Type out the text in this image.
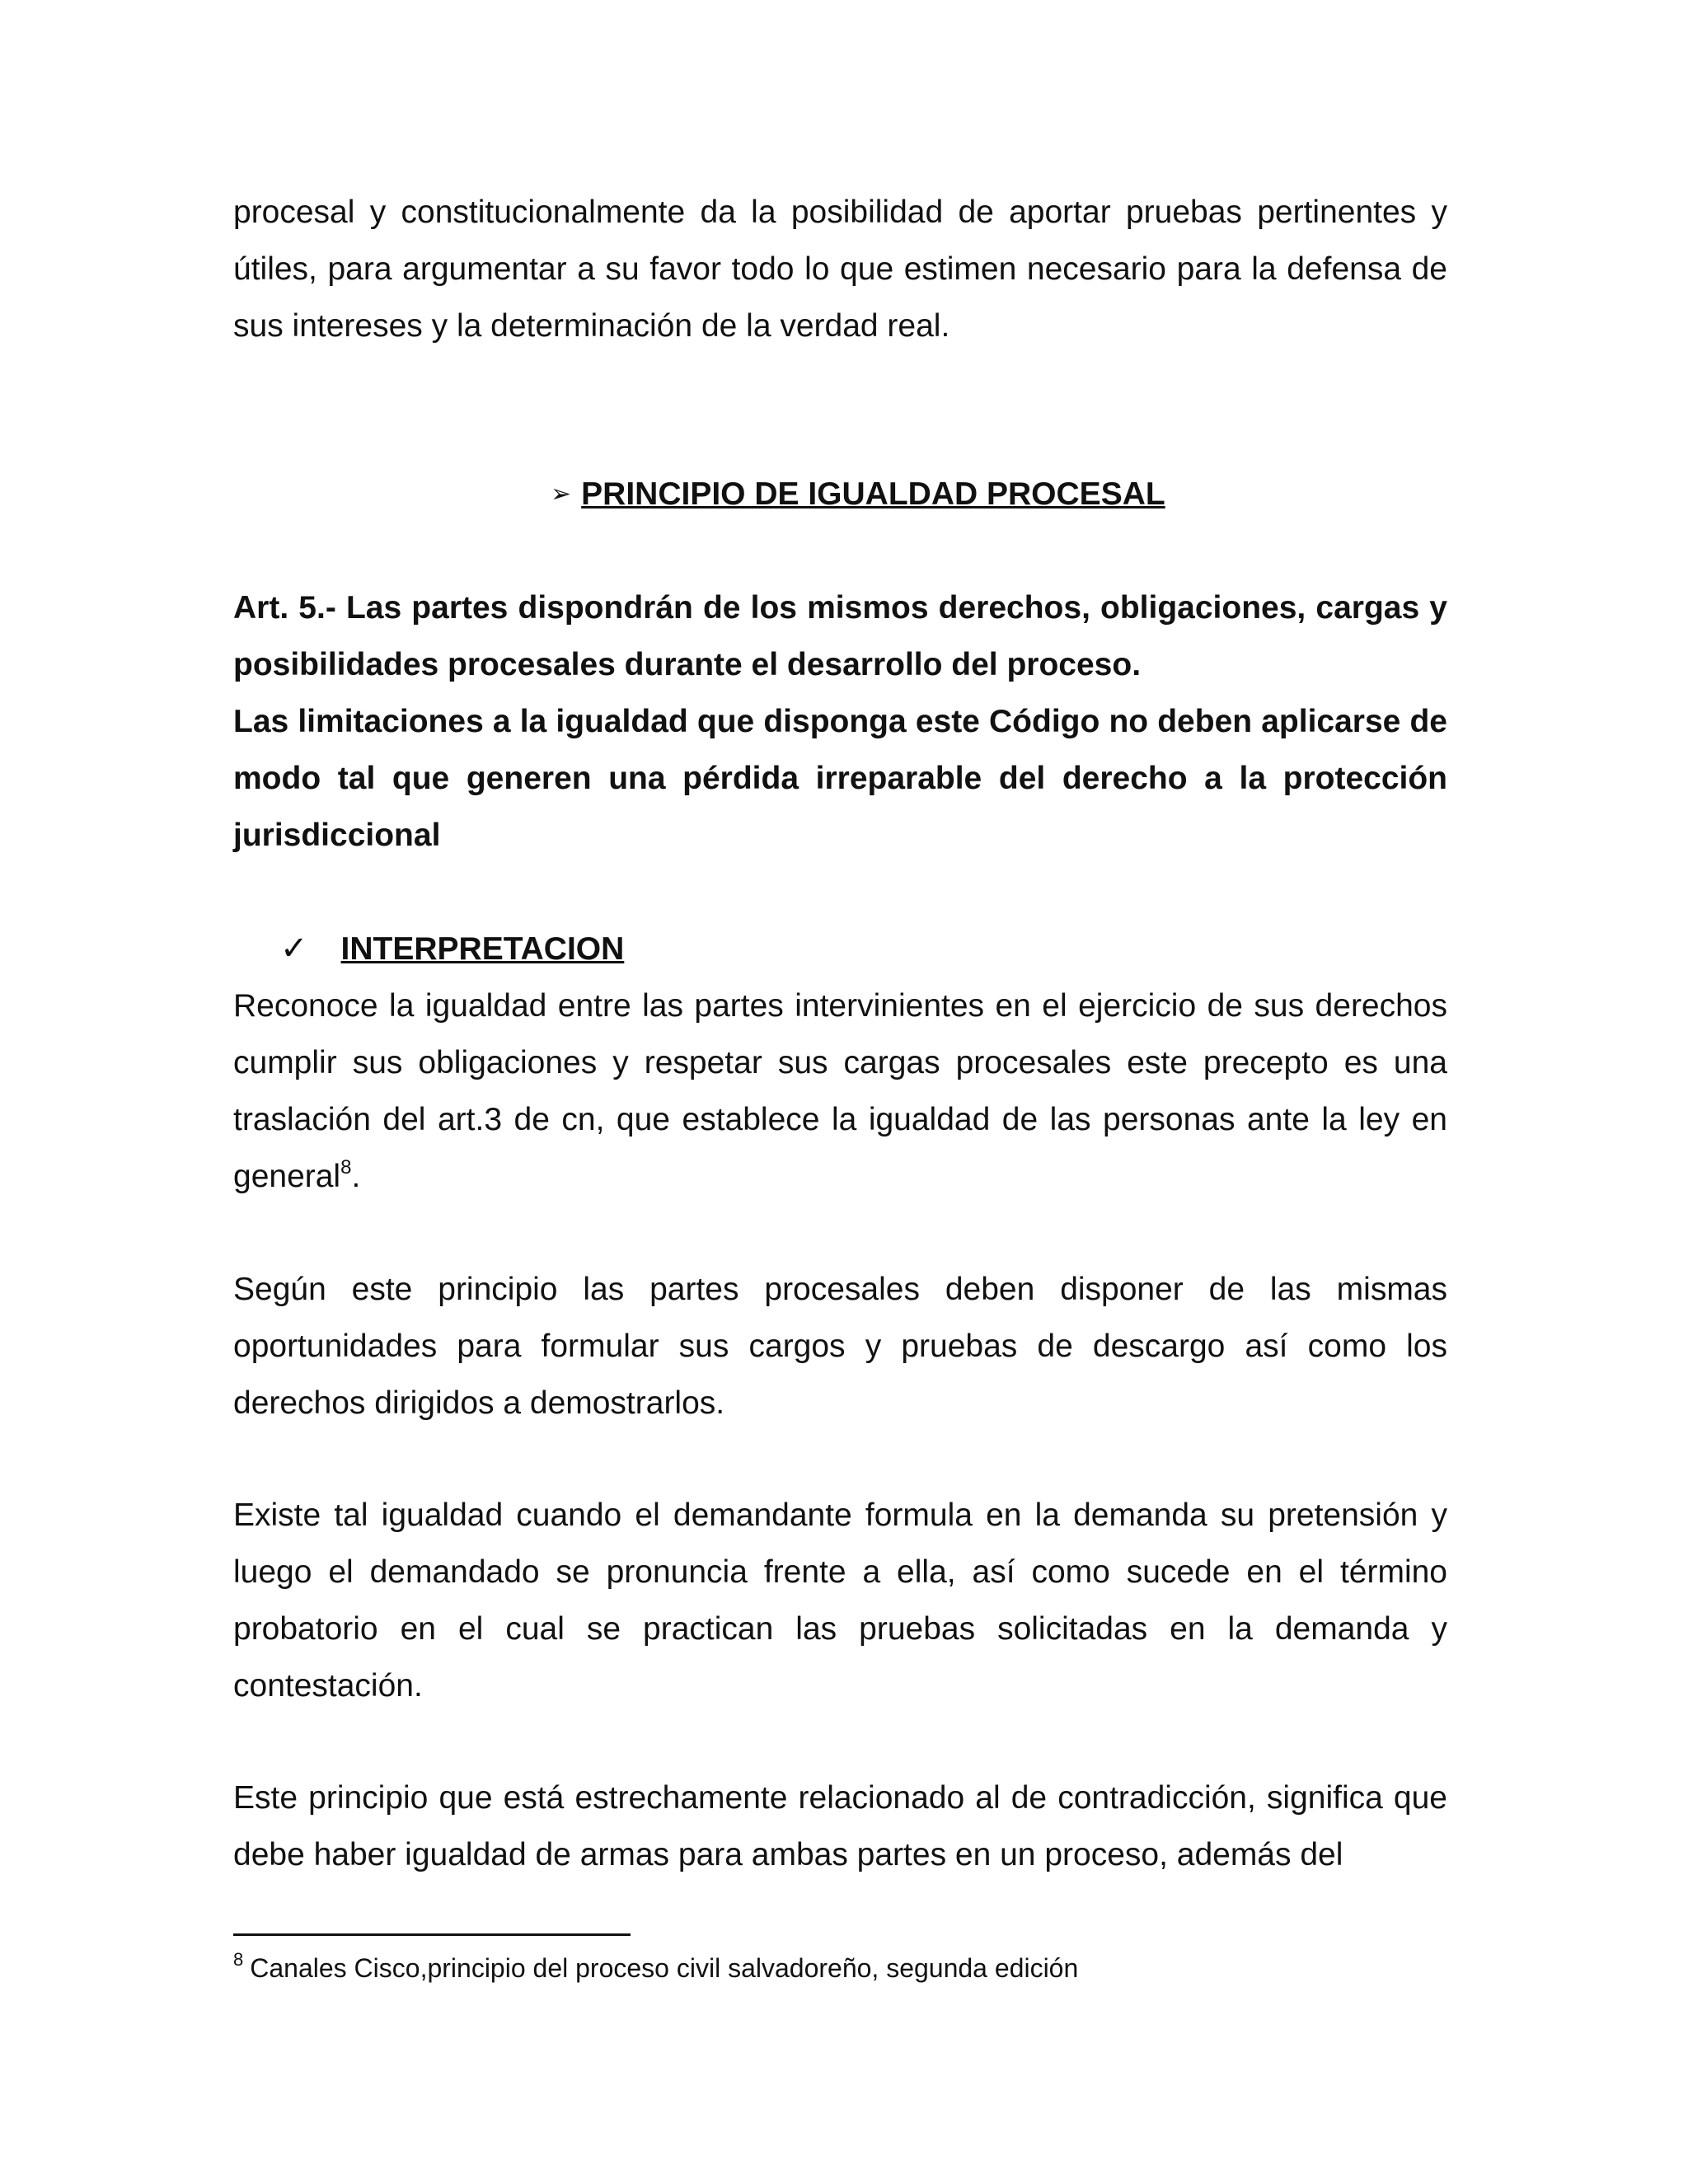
procesal y constitucionalmente da la posibilidad de aportar pruebas pertinentes y útiles, para argumentar a su favor todo lo que estimen necesario para la defensa de sus intereses y la determinación de la verdad real.

➢ PRINCIPIO DE IGUALDAD PROCESAL
Art. 5.- Las partes dispondrán de los mismos derechos, obligaciones, cargas y posibilidades procesales durante el desarrollo del proceso.
Las limitaciones a la igualdad que disponga este Código no deben aplicarse de modo tal que generen una pérdida irreparable del derecho a la protección jurisdiccional
✓ INTERPRETACION

Reconoce la igualdad entre las partes intervinientes en el ejercicio de sus derechos cumplir sus obligaciones y respetar sus cargas procesales este precepto es una traslación del art.3 de cn, que establece la igualdad de las personas ante la ley en general$^8$.

Según este principio las partes procesales deben disponer de las mismas oportunidades para formular sus cargos y pruebas de descargo así como los derechos dirigidos a demostrarlos.

Existe tal igualdad cuando el demandante formula en la demanda su pretensión y luego el demandado se pronuncia frente a ella, así como sucede en el término probatorio en el cual se practican las pruebas solicitadas en la demanda y contestación.

Este principio que está estrechamente relacionado al de contradicción, significa que debe haber igualdad de armas para ambas partes en un proceso, además del

$^8$ Canales Cisco,principio del proceso civil salvadoreño, segunda edición
